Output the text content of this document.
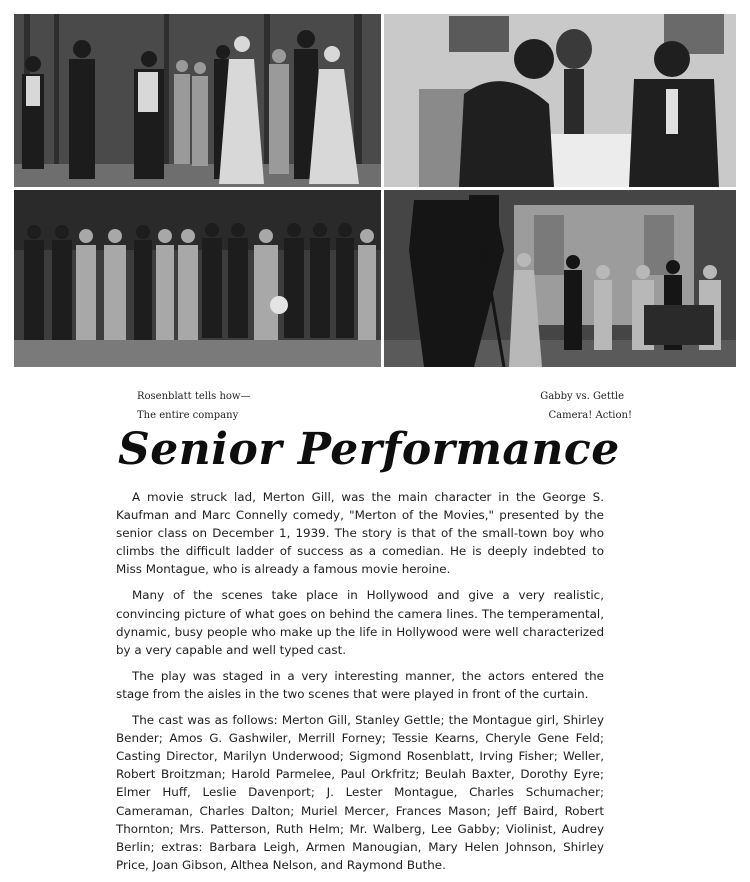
Rosenblatt tells how—
The entire company
Gabby vs. Gettle
Camera! Action!
Senior Performance

A movie struck lad, Merton Gill, was the main character in the George S. Kaufman and Marc Connelly comedy, "Merton of the Movies," presented by the senior class on December 1, 1939. The story is that of the small-town boy who climbs the difficult ladder of success as a comedian. He is deeply indebted to Miss Montague, who is already a famous movie heroine.

Many of the scenes take place in Hollywood and give a very realistic, convincing picture of what goes on behind the camera lines. The temperamental, dynamic, busy people who make up the life in Hollywood were well characterized by a very capable and well typed cast.

The play was staged in a very interesting manner, the actors entered the stage from the aisles in the two scenes that were played in front of the curtain.

The cast was as follows: Merton Gill, Stanley Gettle; the Montague girl, Shirley Bender; Amos G. Gashwiler, Merrill Forney; Tessie Kearns, Cheryle Gene Feld; Casting Director, Marilyn Underwood; Sigmond Rosenblatt, Irving Fisher; Weller, Robert Broitzman; Harold Parmelee, Paul Orkfritz; Beulah Baxter, Dorothy Eyre; Elmer Huff, Leslie Davenport; J. Lester Montague, Charles Schumacher; Cameraman, Charles Dalton; Muriel Mercer, Frances Mason; Jeff Baird, Robert Thornton; Mrs. Patterson, Ruth Helm; Mr. Walberg, Lee Gabby; Violinist, Audrey Berlin; extras: Barbara Leigh, Armen Manougian, Mary Helen Johnson, Shirley Price, Joan Gibson, Althea Nelson, and Raymond Buthe.
